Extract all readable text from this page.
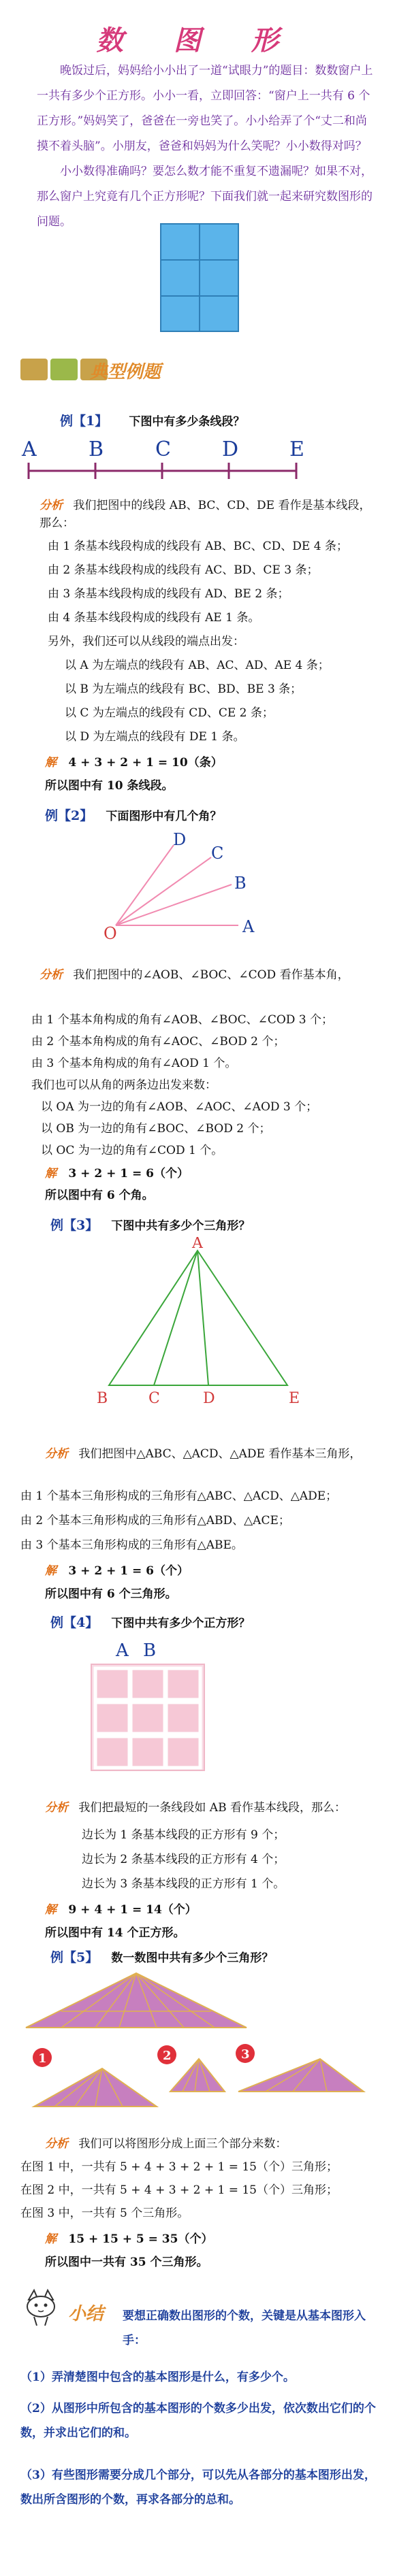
数 图 形

晚饭过后，妈妈给小小出了一道“试眼力”的题目：数数窗户上一共有多少个正方形。小小一看，立即回答：“窗户上一共有 6 个正方形。”妈妈笑了，爸爸在一旁也笑了。小小给弄了个“丈二和尚摸不着头脑”。小朋友，爸爸和妈妈为什么笑呢？小小数得对吗？

小小数得准确吗？要怎么数才能不重复不遗漏呢？如果不对，那么窗户上究竟有几个正方形呢？下面我们就一起来研究数图形的问题。

典型例题
例【1】 下图中有多少条线段？
A	B	C	D E
分析 我们把图中的线段 AB、BC、CD、DE 看作是基本线段，那么：
由 1 条基本线段构成的线段有 AB、BC、CD、DE 4 条；
由 2 条基本线段构成的线段有 AC、BD、CE 3 条；
由 3 条基本线段构成的线段有 AD、BE 2 条；
由 4 条基本线段构成的线段有 AE 1 条。
另外，我们还可以从线段的端点出发：
以 A 为左端点的线段有 AB、AC、AD、AE 4 条；
以 B 为左端点的线段有 BC、BD、BE 3 条；
以 C 为左端点的线段有 CD、CE 2 条；
以 D 为左端点的线段有 DE 1 条。
解 4 + 3 + 2 + 1 = 10（条）
所以图中有 10 条线段。
例【2】 下面图形中有几个角？
O	A
B
C
D
分析 我们把图中的∠AOB、∠BOC、∠COD 看作基本角，
由 1 个基本角构成的角有∠AOB、∠BOC、∠COD 3 个；
由 2 个基本角构成的角有∠AOC、∠BOD 2 个；
由 3 个基本角构成的角有∠AOD 1 个。
我们也可以从角的两条边出发来数：
以 OA 为一边的角有∠AOB、∠AOC、∠AOD 3 个；
以 OB 为一边的角有∠BOC、∠BOD 2 个；
以 OC 为一边的角有∠COD 1 个。
解 3 + 2 + 1 = 6（个）
所以图中有 6 个角。
例【3】 下图中共有多少个三角形？
A
B	C	D	E
分析 我们把图中△ABC、△ACD、△ADE 看作基本三角形，
由 1 个基本三角形构成的三角形有△ABC、△ACD、△ADE；
由 2 个基本三角形构成的三角形有△ABD、△ACE；
由 3 个基本三角形构成的三角形有△ABE。
解 3 + 2 + 1 = 6（个）
所以图中有 6 个三角形。
例【4】 下图中共有多少个正方形？
A B
分析 我们把最短的一条线段如 AB 看作基本线段，那么：
边长为 1 条基本线段的正方形有 9 个；
边长为 2 条基本线段的正方形有 4 个；
边长为 3 条基本线段的正方形有 1 个。
解 9 + 4 + 1 = 14（个）
所以图中有 14 个正方形。
例【5】 数一数图中共有多少个三角形？
1	2	3
分析 我们可以将图形分成上面三个部分来数：
在图 1 中，一共有 5 + 4 + 3 + 2 + 1 = 15（个）三角形；
在图 2 中，一共有 5 + 4 + 3 + 2 + 1 = 15（个）三角形；
在图 3 中，一共有 5 个三角形。
解 15 + 15 + 5 = 35（个）
所以图中一共有 35 个三角形。
小结 要想正确数出图形的个数，关键是从基本图形入手：
（1）弄清楚图中包含的基本图形是什么，有多少个。
（2）从图形中所包含的基本图形的个数多少出发，依次数出它们的个数，并求出它们的和。
（3）有些图形需要分成几个部分，可以先从各部分的基本图形出发，数出所含图形的个数，再求各部分的总和。
